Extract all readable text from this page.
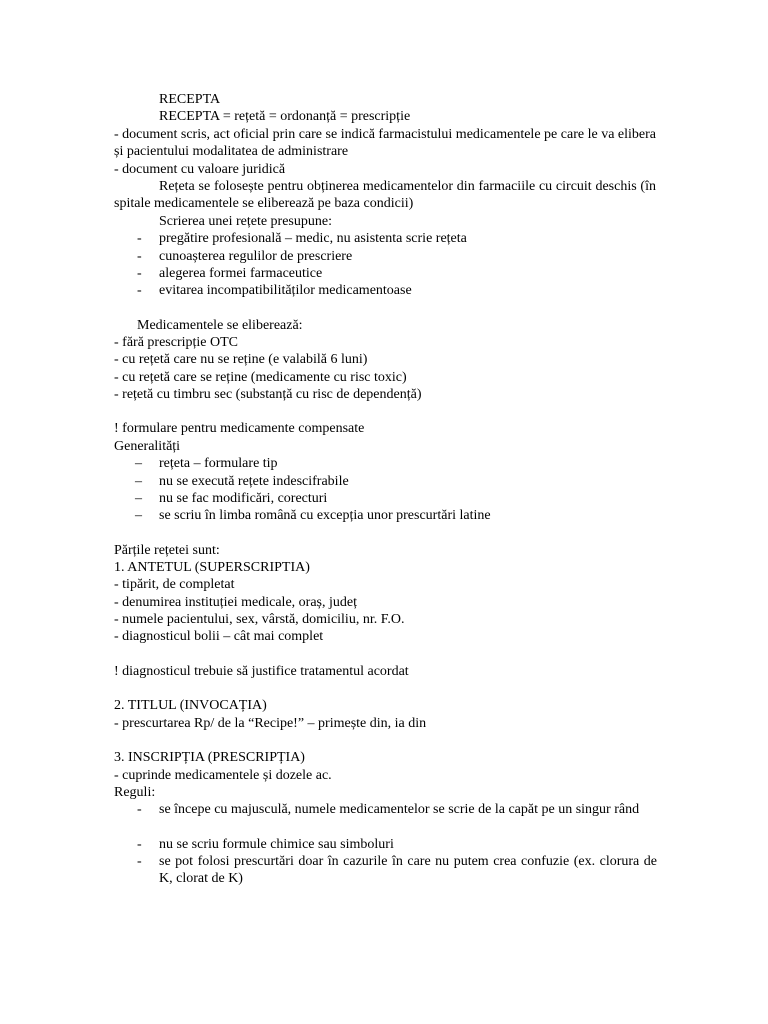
RECEPTA
RECEPTA = rețetă = ordonanță = prescripție
- document scris, act oficial prin care se indică farmacistului medicamentele pe care le va eliberа și pacientului modalitatea de administrare
- document cu valoare juridică
Rețeta se folosește pentru obținerea medicamentelor din farmaciile cu circuit deschis (în spitale medicamentele se eliberează pe baza condicii)
Scrierea unei rețete presupune:
- pregătire profesională – medic, nu asistenta scrie rețeta
- cunoașterea regulilor de prescriere
- alegerea formei farmaceutice
- evitarea incompatibilităților medicamentoase
Medicamentele se eliberează:
- fără prescripție OTC
- cu rețetă care nu se reține (e valabilă 6 luni)
- cu rețetă care se reține (medicamente cu risc toxic)
- rețetă cu timbru sec (substanță cu risc de dependență)
! formulare pentru medicamente compensate
Generalități
– rețeta – formulare tip
– nu se execută rețete indescifrabile
– nu se fac modificări, corecturi
– se scriu în limba română cu excepția unor prescurtări latine
Părțile rețetei sunt:
1. ANTETUL (SUPERSCRIPTIA)
- tipărit, de completat
- denumirea instituției medicale, oraș, județ
- numele pacientului, sex, vârstă, domiciliu, nr. F.O.
- diagnosticul bolii – cât mai complet
! diagnosticul trebuie să justifice tratamentul acordat
2. TITLUL (INVOCAȚIA)
- prescurtarea Rp/ de la “Recipe!” – primește din, ia din
3. INSCRIPȚIA (PRESCRIPȚIA)
- cuprinde medicamentele și dozele ac.
Reguli:
- se începe cu majusculă, numele medicamentelor se scrie de la capăt pe un singur rând
- nu se scriu formule chimice sau simboluri
- se pot folosi prescurtări doar în cazurile în care nu putem crea confuzie (ex. clorura de K, clorat de K)
